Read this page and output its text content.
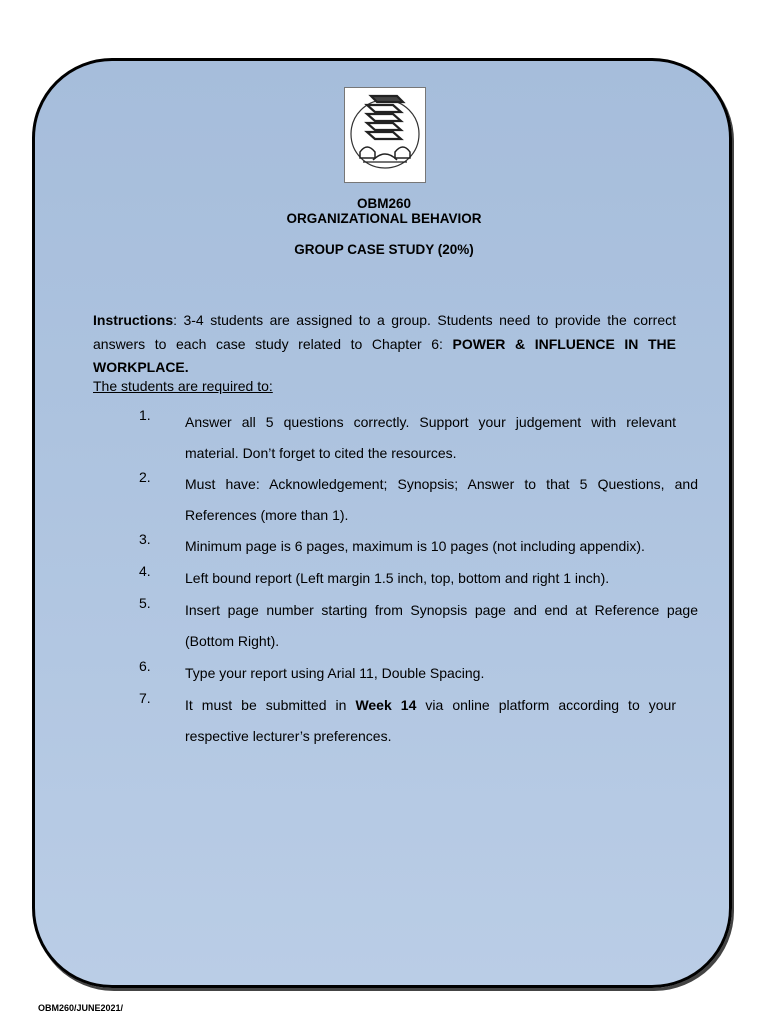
OBM260
ORGANIZATIONAL BEHAVIOR
GROUP CASE STUDY (20%)
Instructions: 3-4 students are assigned to a group. Students need to provide the correct answers to each case study related to Chapter 6: POWER & INFLUENCE IN THE WORKPLACE.
The students are required to:
1. Answer all 5 questions correctly. Support your judgement with relevant material. Don’t forget to cited the resources.
2. Must have: Acknowledgement; Synopsis; Answer to that 5 Questions, and References (more than 1).
3. Minimum page is 6 pages, maximum is 10 pages (not including appendix).
4. Left bound report (Left margin 1.5 inch, top, bottom and right 1 inch).
5. Insert page number starting from Synopsis page and end at Reference page (Bottom Right).
6. Type your report using Arial 11, Double Spacing.
7. It must be submitted in Week 14 via online platform according to your respective lecturer’s preferences.
OBM260/JUNE2021/
